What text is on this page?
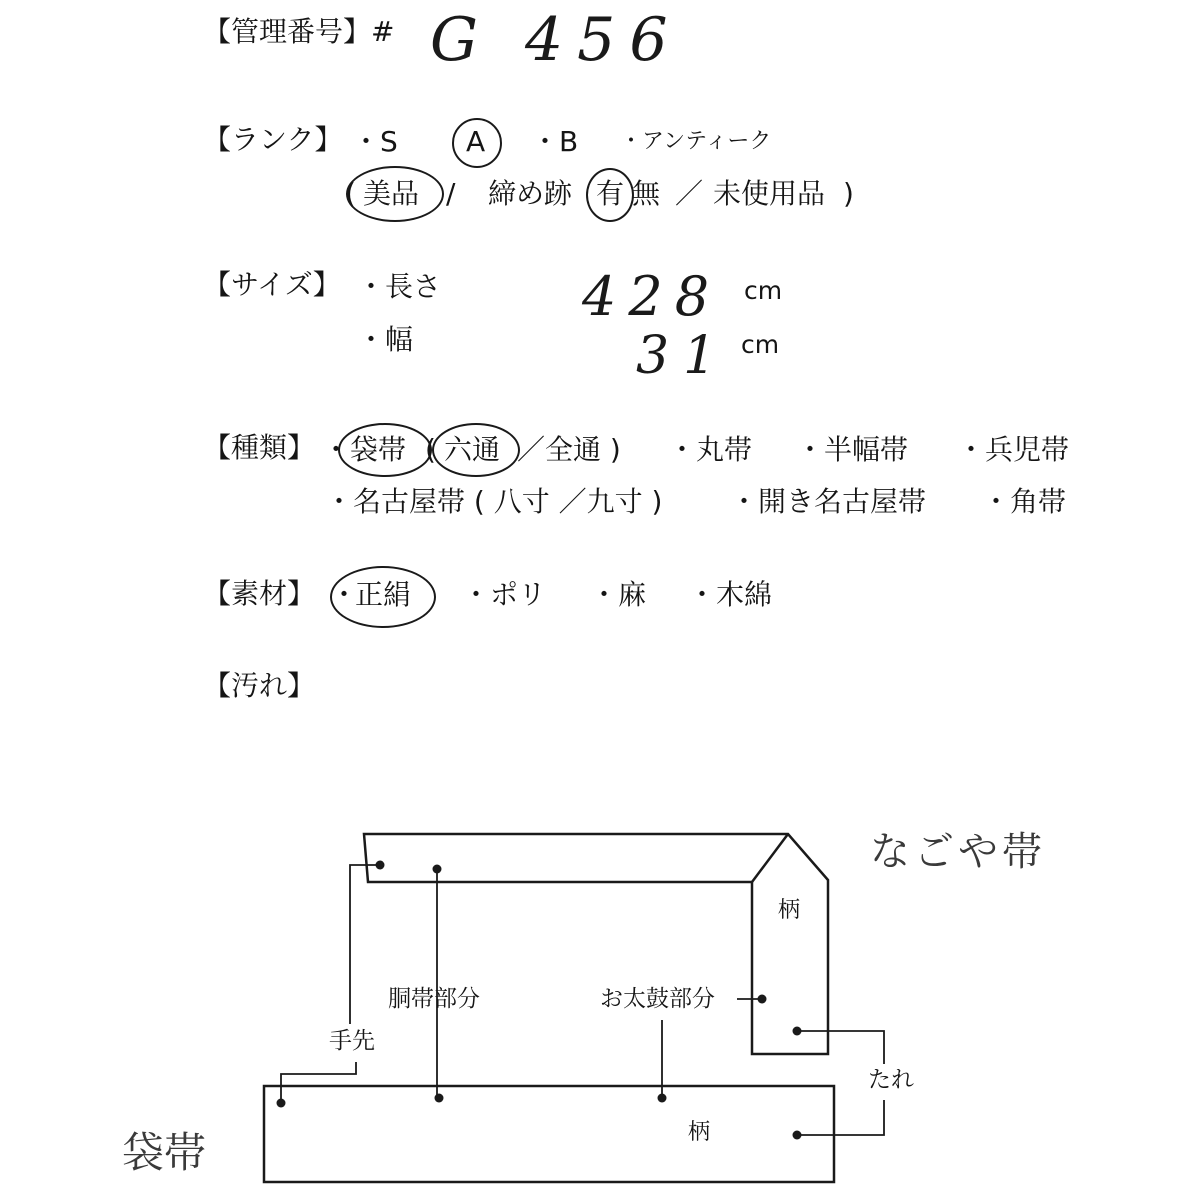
【管理番号】# G 456
【ランク】 ・S A ・B ・アンティーク
( 美品 / 締め跡 有 無 ／ 未使用品 )
【サイズ】 ・長さ	428 cm
・幅	31 cm
【種類】 ・ 袋帯 ( 六通 ／全通 ) ・丸帯 ・半幅帯 ・兵児帯
・名古屋帯 ( 八寸 ／九寸 ) ・開き名古屋帯 ・角帯
【素材】 ・
正絹 ・ポリ ・麻 ・木綿
【汚れ】
なごや帯
袋帯
柄
柄
胴帯部分	お太鼓部分
手先
たれ
